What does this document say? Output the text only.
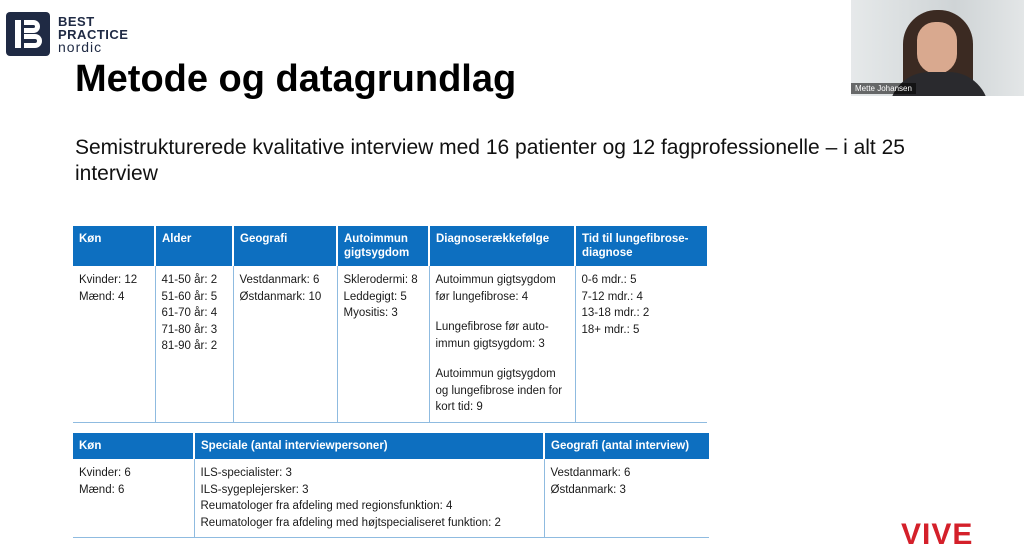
BEST
PRACTICE
nordic
Metode og datagrundlag
Semistrukturerede kvalitative interview med 16 patienter og 12 fagprofessionelle – i alt 25 interview
Mette Johansen
Køn	Alder	Geografi	Autoimmun gigtsygdom	Diagnoserækkefølge	Tid til lungefibrose-diagnose

Kvinder: 12
Mænd: 4	41-50 år: 2
51-60 år: 5
61-70 år: 4
71-80 år: 3
81-90 år: 2	Vestdanmark: 6
Østdanmark: 10	Sklerodermi: 8
Leddegigt: 5
Myositis: 3	Autoimmun gigtsygdom før lungefibrose: 4
Lungefibrose før auto-immun gigtsygdom: 3
Autoimmun gigtsygdom og lungefibrose inden for kort tid: 9	0-6 mdr.: 5
7-12 mdr.: 4
13-18 mdr.: 2
18+ mdr.: 5
Køn	Speciale (antal interviewpersoner)	Geografi (antal interview)

Kvinder: 6
Mænd: 6	ILS-specialister: 3
ILS-sygeplejersker: 3
Reumatologer fra afdeling med regionsfunktion: 4
Reumatologer fra afdeling med højtspecialiseret funktion: 2	Vestdanmark: 6
Østdanmark: 3
VIVE
